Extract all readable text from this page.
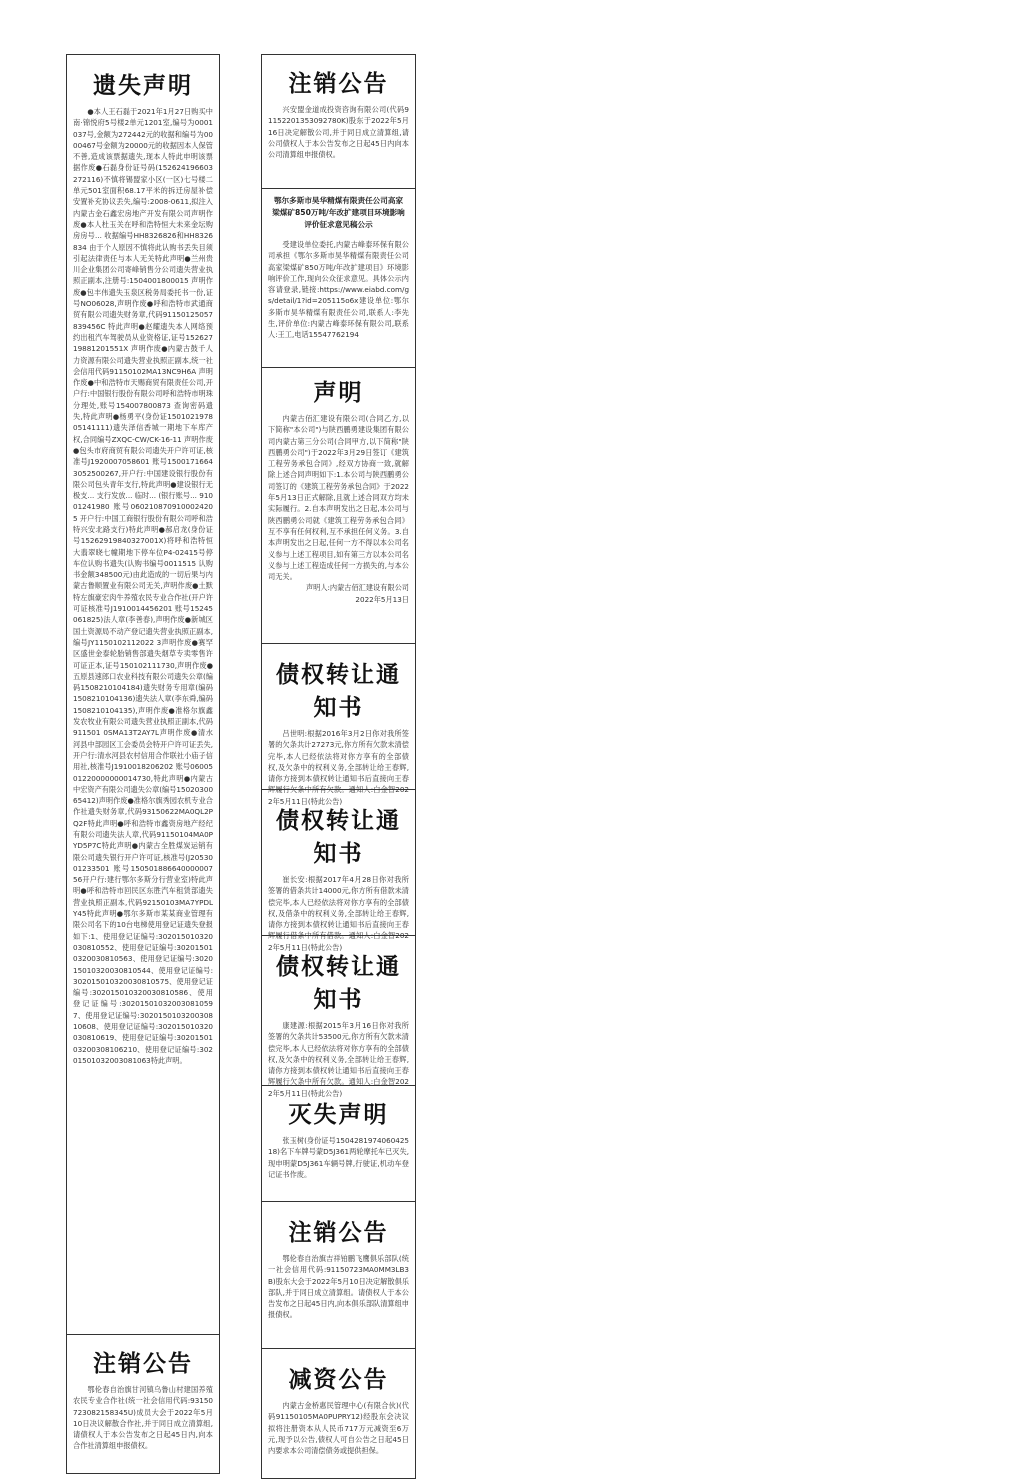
遗失声明

●本人王石磊于2021年1月27日购买中南·锦悦府5号楼2单元1201室,编号为0001037号,金额为272442元的收据和编号为0000467号金额为20000元的收据因本人保管不善,造成该票据遗失,现本人特此申明该票据作废●石磊身份证号码(152624196603272116)不慎将锡盟家小区(一区)七号楼二单元501室面积68.17平米的拆迁房屋补偿安置补充协议丢失,编号:2008-0611,拟注入内蒙古金石鑫宏房地产开发有限公司声明作废●本人杜玉关在呼和浩特恒大未来金坛购房房号... 收据编号HH8326826和HH8326834 由于个人原因不慎将此认购书丢失目须引起法律责任与本人无关特此声明●兰州贵川企业集团公司寄峰销售分公司遗失营业执照正副本,注册号:1504001800015 声明作废●包丰伟遗失玉泉区税务局委托书一份,证号NO06028,声明作废●呼和浩特市武通商贸有限公司遗失财务章,代码91150125057839456C 特此声明●赵耀遗失本人网络预约出租汽车驾驶员从业资格证,证号15262719881201551X 声明作废●内蒙古鼓千人力资源有限公司遗失营业执照正副本,统一社会信用代码91150102MA13NC9H6A 声明作废●中和浩特市天赐商贸有限责任公司,开户行:中国银行股份有限公司呼和浩特市明珠分理处,账号154007800873 查询密码遗失,特此声明●杨勇平(身份证1501021978 05141111)遗失泽信香城一期地下车库产权,合同编号ZXQC-CW/CK-16-11 声明作废●包头市府商贸有限公司遗失开户许可证,核准号J1920007058601 账号15001716643052500267,开户行:中国建设银行股份有限公司包头青年支行,特此声明●建设银行无极支... 支行发放... 临时... (银行账号... 91001241980 账号0602108709100024205 开户行:中国工商银行股份有限公司呼和浩特兴安北路支行)特此声明●郝启龙(身份证号15262919840327001X)将呼和浩特恒大翡翠晓七幢期地下停车位P4-02415号停车位认购书遗失(认购书编号0011515 认购书金额348500元)由此造成的一切后果与内蒙古鲁顺置业有限公司无关,声明作废●土默特左旗豪宏肉牛养殖农民专业合作社(开户许可证核准号J1910014456201 账号15245061825)法人章(李善春),声明作废●新城区国土资源局不动产登记遗失营业执照正副本,编号JY1150102112022 3声明作废●赛罕区盛世金泰轮胎销售部遗失烟草专卖零售许可证正本,证号150102111730,声明作废●五原县速郎口农业科技有限公司遗失公章(编码1508210104184)遗失财务专用章(编码1508210104136)遗失法人章(李东舜,编码1508210104135),声明作废●准格尔旗鑫发农牧业有限公司遗失营业执照正副本,代码911501 0SMA13T2AY7L声明作废●清水河县中部园区工会委员会特开户许可证丢失,开户行:清水河县农村信用合作联社小庙子信用社,核准号J1910018206202 账号0600501220000000014730,特此声明●内蒙古中宏资产有限公司遗失公章(编号1502030065412)声明作废●准格尔旗秀园农机专业合作社遗失财务章,代码93150622MA0QL2PQ2F特此声明●呼和浩特市鑫资房地产经纪有限公司遗失法人章,代码91150104MA0PYD5P7C特此声明●内蒙古全胜煤炭运销有限公司遗失银行开户许可证,核准号(J2053001233501 账号15050188664000000756开户行:建行鄂尔多斯分行营业室)特此声明●呼和浩特市回民区东胜汽车租赁部遗失营业执照正副本,代码92150103MA7YPDLY45特此声明●鄂尔多斯市某某商业管理有限公司名下的10台电梯使用登记证遗失登报如下:1、使用登记证编号:302015010320030810552、使用登记证编号:302015010320030810563、使用登记证编号:302015010320030810544、使用登记证编号:302015010320030810575、使用登记证编号:302015010320030810586、使用登记证编号:302015010320030810597、使用登记证编号:302015010320030810608、使用登记证编号:302015010320030810619、使用登记证编号:3020150103200308106210、使用登记证编号:30201501032003081063特此声明。

注销公告

鄂伦春自治旗甘河镇乌鲁山村建国养殖农民专业合作社(统一社会信用代码:93150723082158345U)成员大会于2022年5月10日决议解散合作社,并于同日成立清算组,请债权人于本公告发布之日起45日内,向本合作社清算组申报债权。

注销公告

兴安盟金道成投资咨询有限公司(代码91152201353092780K)股东于2022年5月16日决定解散公司,并于同日成立清算组,请公司债权人于本公告发布之日起45日内向本公司清算组申报债权。

鄂尔多斯市昊华精煤有限责任公司高家梁煤矿850万吨/年改扩建项目环境影响评价征求意见稿公示

受建设单位委托,内蒙古峰泰环保有限公司承担《鄂尔多斯市昊华精煤有限责任公司高家梁煤矿850万吨/年改扩建项目》环境影响评价工作,现向公众征求意见。具体公示内容请登录,链接:https://www.eiabd.com/gs/detail/1?id=205115o6x建设单位:鄂尔多斯市昊华精煤有限责任公司,联系人:李先生,评价单位:内蒙古峰泰环保有限公司,联系人:王工,电话15547762194

声明

内蒙古佰汇建设有限公司(合同乙方,以下简称"本公司")与陕西鹏勇建设集团有限公司内蒙古第三分公司(合同甲方,以下简称"陕西鹏勇公司")于2022年3月29日签订《建筑工程劳务承包合同》,经双方协商一致,就解除上述合同声明如下:1.本公司与陕西鹏勇公司签订的《建筑工程劳务承包合同》于2022年5月13日正式解除,且就上述合同双方均未实际履行。2.自本声明发出之日起,本公司与陕西鹏勇公司就《建筑工程劳务承包合同》互不享有任何权利,互不承担任何义务。3.自本声明发出之日起,任何一方不得以本公司名义参与上述工程项目,如有第三方以本公司名义参与上述工程造成任何一方损失的,与本公司无关。

声明人:内蒙古佰汇建设有限公司

2022年5月13日

债权转让通知书

吕世明:根据2016年3月2日你对我所签署的欠条共计27273元,你方所有欠款未清偿完毕,本人已经依法将对你方享有的全部债权,及欠条中的权利义务,全部转让给王春辉,请你方接到本债权转让通知书后直接向王春辉履行欠条中所有欠款。通知人:白金智2022年5月11日(特此公告)

债权转让通知书

崔长安:根据2017年4月28日你对我所签署的借条共计14000元,你方所有借款未清偿完毕,本人已经依法将对你方享有的全部债权,及借条中的权利义务,全部转让给王春辉,请你方接到本债权转让通知书后直接向王春辉履行借条中所有借款。通知人:白金智2022年5月11日(特此公告)

债权转让通知书

康建源:根据2015年3月16日你对我所签署的欠条共计53500元,你方所有欠款未清偿完毕,本人已经依法将对你方享有的全部债权,及欠条中的权利义务,全部转让给王春辉,请你方接到本债权转让通知书后直接向王春辉履行欠条中所有欠款。通知人:白金智2022年5月11日(特此公告)

灭失声明

张玉树(身份证号150428197406042518)名下车牌号蒙D5J361两轮摩托车已灭失,现申明蒙D5J361车辆号牌,行驶证,机动车登记证书作废。

注销公告

鄂伦春自治旗吉祥铂鹏飞鹰俱乐部队(统一社会信用代码:91150723MA0MM3LB3B)股东大会于2022年5月10日决定解散俱乐部队,并于同日成立清算组。请债权人于本公告发布之日起45日内,向本俱乐部队清算组申报债权。

减资公告

内蒙古金桥惠民管理中心(有限合伙)(代码91150105MA0PUPRY12)经股东会决议拟将注册资本从人民币717万元减资至6万元,现予以公告,债权人可自公告之日起45日内要求本公司清偿债务或提供担保。
